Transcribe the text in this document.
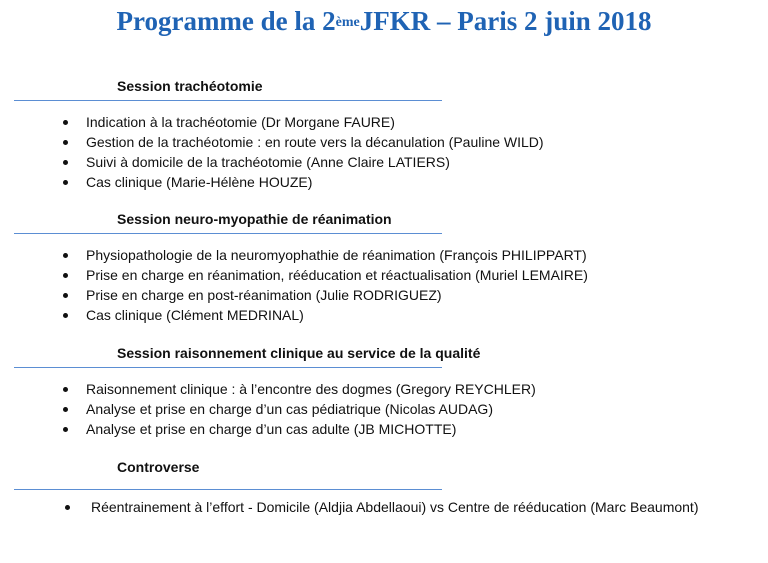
Programme de la 2èmeJFKR – Paris 2 juin 2018
Session trachéotomie
Indication à la trachéotomie (Dr Morgane FAURE)
Gestion de la trachéotomie : en route vers la décanulation (Pauline WILD)
Suivi à domicile de la trachéotomie (Anne Claire LATIERS)
Cas clinique (Marie-Hélène HOUZE)
Session neuro-myopathie de réanimation
Physiopathologie de la neuromyophathie de réanimation (François PHILIPPART)
Prise en charge en réanimation, rééducation et réactualisation (Muriel LEMAIRE)
Prise en charge en post-réanimation (Julie RODRIGUEZ)
Cas clinique (Clément MEDRINAL)
Session raisonnement clinique au service de la qualité
Raisonnement clinique : à l’encontre des dogmes (Gregory REYCHLER)
Analyse et prise en charge d’un cas pédiatrique (Nicolas AUDAG)
Analyse et prise en charge d’un cas adulte (JB MICHOTTE)
Controverse
Réentrainement à l’effort - Domicile (Aldjia Abdellaoui) vs Centre de rééducation (Marc Beaumont)
